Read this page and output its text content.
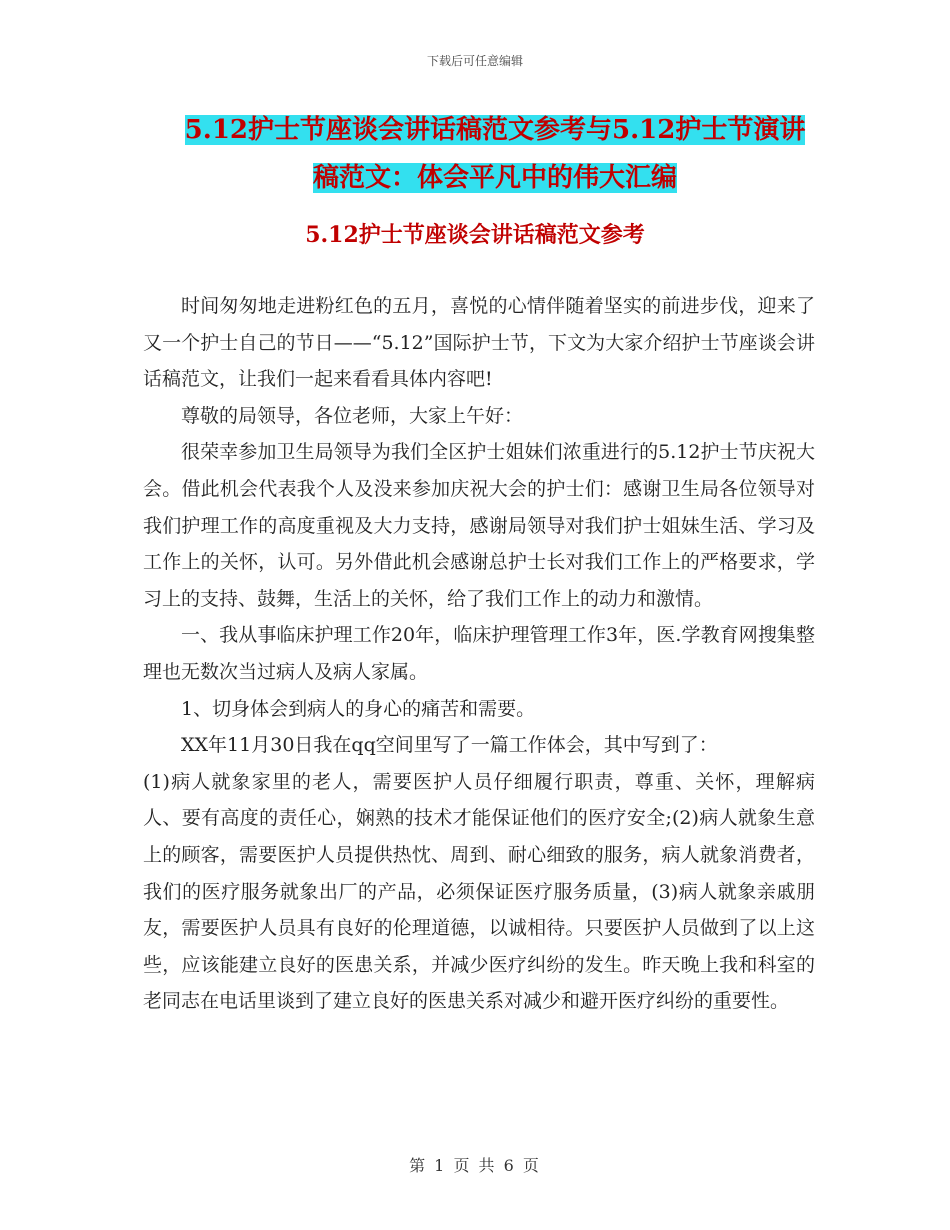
下载后可任意编辑
5.12护士节座谈会讲话稿范文参考与5.12护士节演讲
稿范文：体会平凡中的伟大汇编
5.12护士节座谈会讲话稿范文参考

时间匆匆地走进粉红色的五月，喜悦的心情伴随着坚实的前进步伐，迎来了又一个护士自己的节日——“5.12”国际护士节，下文为大家介绍护士节座谈会讲话稿范文，让我们一起来看看具体内容吧!

尊敬的局领导，各位老师，大家上午好：

很荣幸参加卫生局领导为我们全区护士姐妹们浓重进行的5.12护士节庆祝大会。借此机会代表我个人及没来参加庆祝大会的护士们：感谢卫生局各位领导对我们护理工作的高度重视及大力支持，感谢局领导对我们护士姐妹生活、学习及工作上的关怀，认可。另外借此机会感谢总护士长对我们工作上的严格要求，学习上的支持、鼓舞，生活上的关怀，给了我们工作上的动力和激情。

一、我从事临床护理工作20年，临床护理管理工作3年，医.学教育网搜集整理也无数次当过病人及病人家属。

1、切身体会到病人的身心的痛苦和需要。

XX年11月30日我在qq空间里写了一篇工作体会，其中写到了：

(1)病人就象家里的老人，需要医护人员仔细履行职责，尊重、关怀，理解病人、要有高度的责任心，娴熟的技术才能保证他们的医疗安全;(2)病人就象生意上的顾客，需要医护人员提供热忱、周到、耐心细致的服务，病人就象消费者，我们的医疗服务就象出厂的产品，必须保证医疗服务质量，(3)病人就象亲戚朋友，需要医护人员具有良好的伦理道德，以诚相待。只要医护人员做到了以上这些，应该能建立良好的医患关系，并减少医疗纠纷的发生。昨天晚上我和科室的老同志在电话里谈到了建立良好的医患关系对减少和避开医疗纠纷的重要性。

第 1 页 共 6 页
